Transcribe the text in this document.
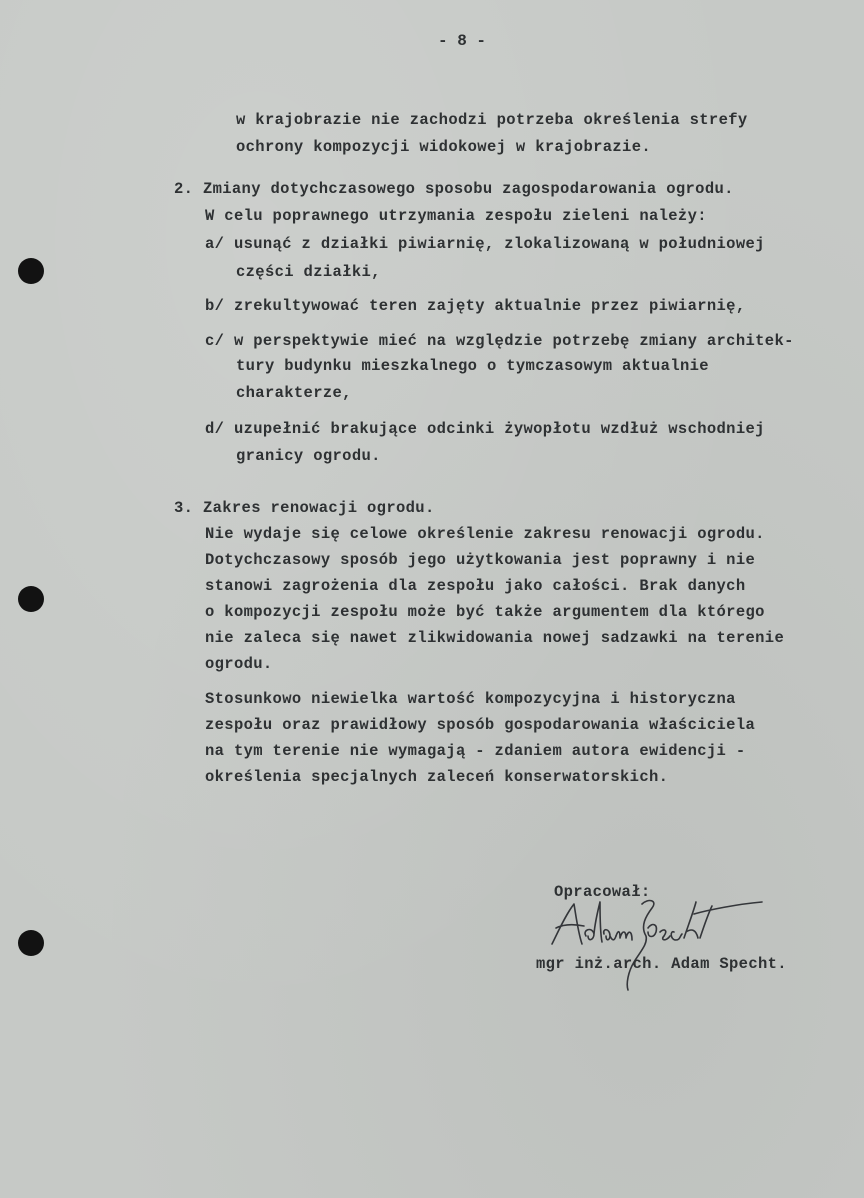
- 8 -
w krajobrazie nie zachodzi potrzeba określenia strefy
ochrony kompozycji widokowej w krajobrazie.
2. Zmiany dotychczasowego sposobu zagospodarowania ogrodu.
W celu poprawnego utrzymania zespołu zieleni należy:
a/ usunąć z działki piwiarnię, zlokalizowaną w południowej
części działki,
b/ zrekultywować teren zajęty aktualnie przez piwiarnię,
c/ w perspektywie mieć na względzie potrzebę zmiany architek-
tury budynku mieszkalnego o tymczasowym aktualnie
charakterze,
d/ uzupełnić brakujące odcinki żywopłotu wzdłuż wschodniej
granicy ogrodu.
3. Zakres renowacji ogrodu.
Nie wydaje się celowe określenie zakresu renowacji ogrodu.
Dotychczasowy sposób jego użytkowania jest poprawny i nie
stanowi zagrożenia dla zespołu jako całości. Brak danych
o kompozycji zespołu może być także argumentem dla którego
nie zaleca się nawet zlikwidowania nowej sadzawki na terenie
ogrodu.
Stosunkowo niewielka wartość kompozycyjna i historyczna
zespołu oraz prawidłowy sposób gospodarowania właściciela
na tym terenie nie wymagają - zdaniem autora ewidencji -
określenia specjalnych zaleceń konserwatorskich.
Opracował:
mgr inż.arch. Adam Specht.
